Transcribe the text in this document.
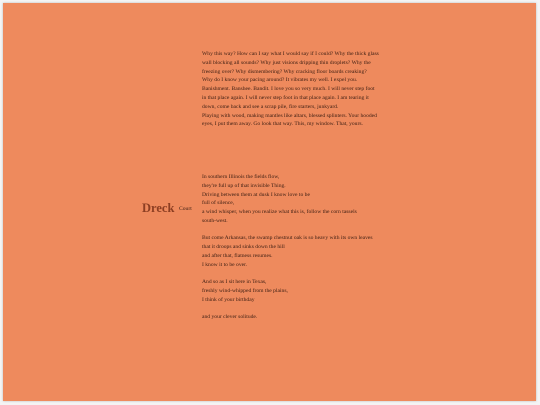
Why this way? How can I say what I would say if I could? Why the thick glass
wall blocking all sounds? Why just visions dripping thin droplets? Why the
freezing over? Why dismembering? Why cracking floor boards creaking?
Why do I know your pacing around? It vibrates my well. I expel you.
Banishment. Banshee. Bandit. I love you so very much. I will never step foot
in that place again. I will never step foot in that place again. I am tearing it
down, come back and see a scrap pile, fire starters, junkyard.
Playing with wood, making mantles like altars, blessed splinters. Your hooded
eyes, I put them away. Go look that way. This, my window. That, yours.
Dreck Court
In southern Illinois the fields flow,
they're full up of that invisible Thing.
Driving between them at dusk I know love to be
full of silence,
a wind whisper, when you realize what this is, follow the corn tassels
south-west.
But come Arkansas, the swamp chestnut oak is so heavy with its own leaves
that it droops and sinks down the hill
and after that, flatness resumes.
I know it to be over.
And so as I sit here in Texas,
freshly wind-whipped from the plains,
I think of your birthday
and your clever solitude.
